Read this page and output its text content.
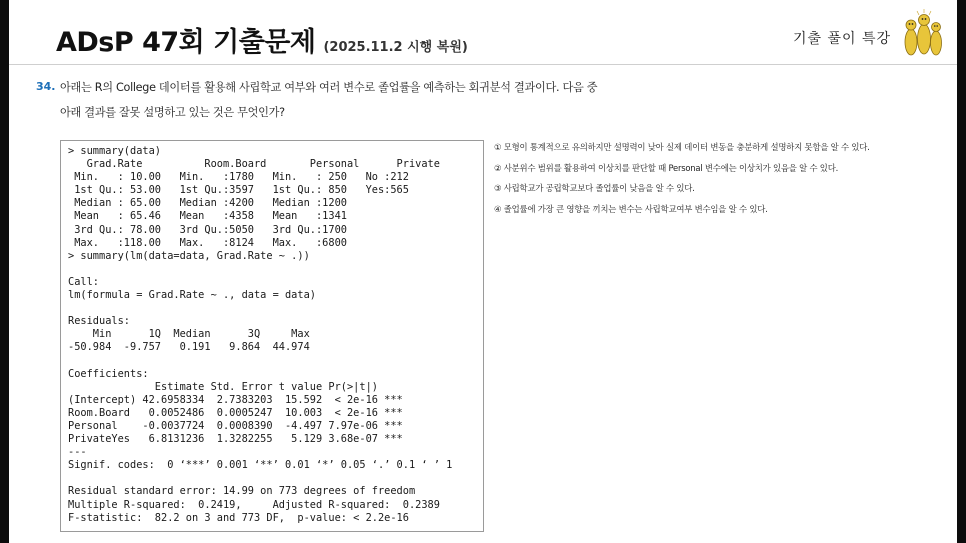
ADsP 47회 기출문제 (2025.11.2 시행 복원)
기출 풀이 특강
34. 아래는 R의 College 데이터를 활용해 사립학교 여부와 여러 변수로 졸업률을 예측하는 회귀분석 결과이다. 다음 중
아래 결과를 잘못 설명하고 있는 것은 무엇인가?
> summary(data)
Grad.Rate          Room.Board       Personal      Private
Min.   : 10.00   Min.   :1780   Min.   : 250   No :212
1st Qu.: 53.00   1st Qu.:3597   1st Qu.: 850   Yes:565
Median : 65.00   Median :4200   Median :1200
Mean   : 65.46   Mean   :4358   Mean   :1341
3rd Qu.: 78.00   3rd Qu.:5050   3rd Qu.:1700
Max.   :118.00   Max.   :8124   Max.   :6800
> summary(lm(data=data, Grad.Rate ~ .))
Call:
lm(formula = Grad.Rate ~ ., data = data)
Residuals:
Min      1Q  Median      3Q     Max
-50.984  -9.757   0.191   9.864  44.974
Coefficients:
Estimate Std. Error t value Pr(>|t|)
(Intercept) 42.6958334  2.7383203  15.592  < 2e-16 ***
Room.Board   0.0052486  0.0005247  10.003  < 2e-16 ***
Personal    -0.0037724  0.0008390  -4.497 7.97e-06 ***
PrivateYes   6.8131236  1.3282255   5.129 3.68e-07 ***
---
Signif. codes:  0 ‘***’ 0.001 ‘**’ 0.01 ‘*’ 0.05 ‘.’ 0.1 ‘ ’ 1
Residual standard error: 14.99 on 773 degrees of freedom
Multiple R-squared:  0.2419,     Adjusted R-squared:  0.2389
F-statistic:  82.2 on 3 and 773 DF,  p-value: < 2.2e-16
① 모형이 통계적으로 유의하지만 설명력이 낮아 실제 데이터 변동을 충분하게 설명하지 못함을 알 수 있다.
② 사분위수 범위를 활용하여 이상치를 판단할 때 Personal 변수에는 이상치가 있음을 알 수 있다.
③ 사립학교가 공립학교보다 졸업률이 낮음을 알 수 있다.
④ 졸업률에 가장 큰 영향을 끼치는 변수는 사립학교여부 변수임을 알 수 있다.
